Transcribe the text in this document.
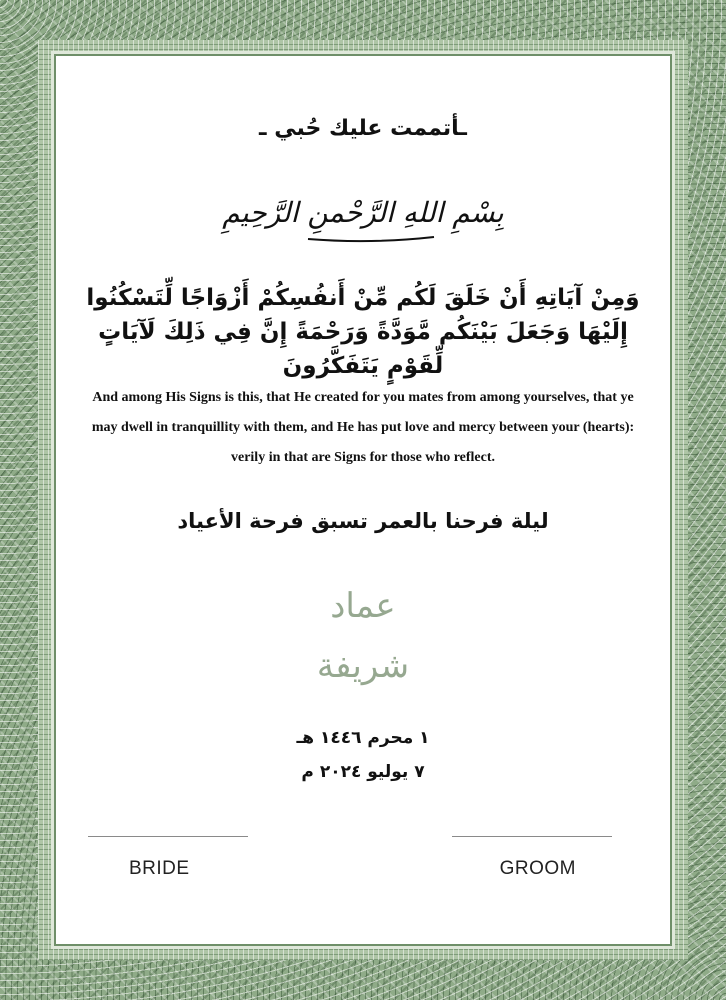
ـأتممت عليك حُبي ـ
بِسْمِ اللهِ الرَّحْمنِ الرَّحِيمِ
وَمِنْ آيَاتِهِ أَنْ خَلَقَ لَكُم مِّنْ أَنفُسِكُمْ أَزْوَاجًا لِّتَسْكُنُوا إِلَيْهَا وَجَعَلَ بَيْنَكُم مَّوَدَّةً وَرَحْمَةً إِنَّ فِي ذَلِكَ لَآيَاتٍ لِّقَوْمٍ يَتَفَكَّرُونَ
And among His Signs is this, that He created for you mates from among yourselves, that ye may dwell in tranquillity with them, and He has put love and mercy between your (hearts): verily in that are Signs for those who reflect.
ليلة فرحنا بالعمر تسبق فرحة الأعياد
عماد
شريفة
١ محرم ١٤٤٦ هـ
٧ يوليو ٢٠٢٤ م
BRIDE	GROOM
